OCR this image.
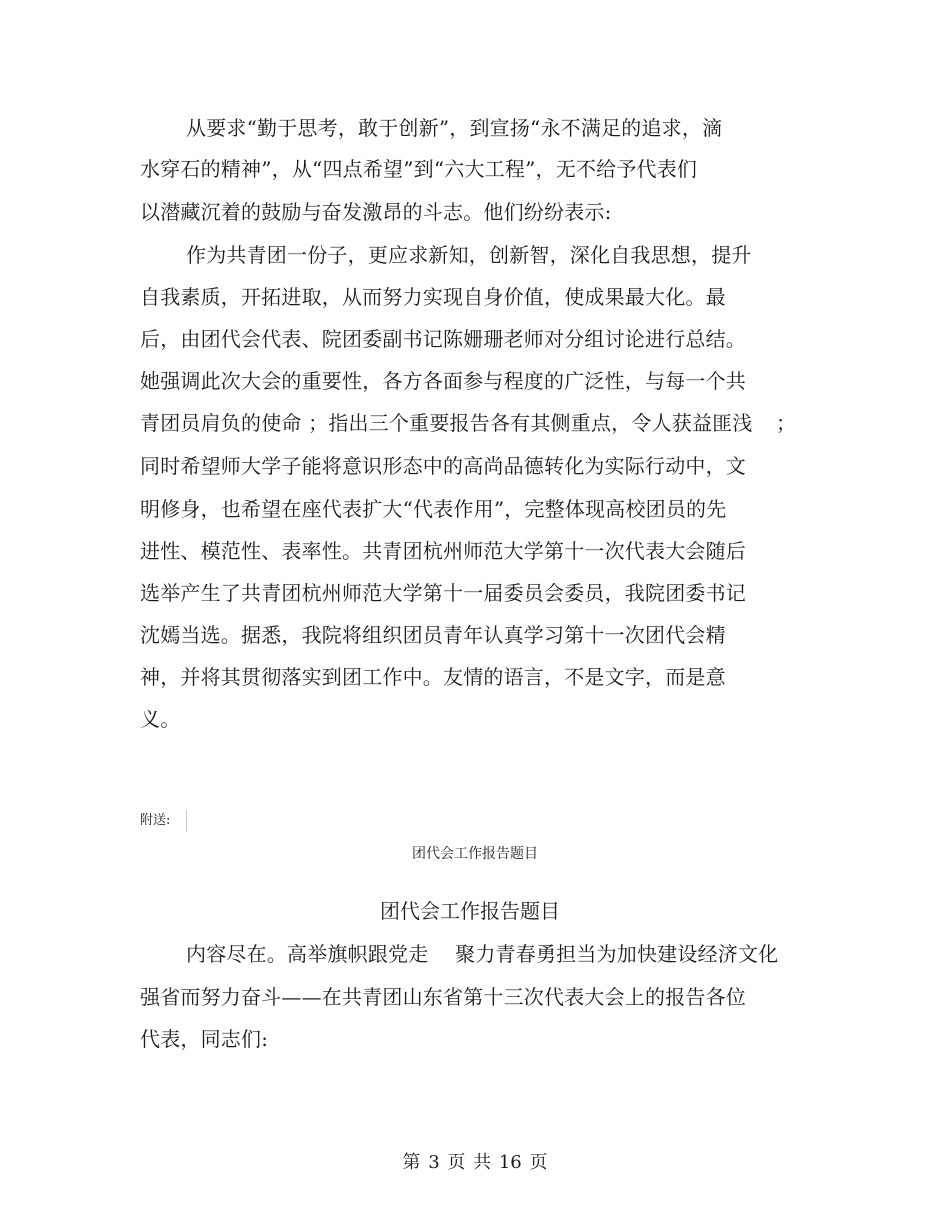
从要求“勤于思考，敢于创新”，到宣扬“永不满足的追求，滴
水穿石的精神”，从“四点希望”到“六大工程”，无不给予代表们
以潜藏沉着的鼓励与奋发激昂的斗志。他们纷纷表示:
作为共青团一份子，更应求新知，创新智，深化自我思想，提升
自我素质，开拓进取，从而努力实现自身价值，使成果最大化。最
后，由团代会代表、院团委副书记陈姗珊老师对分组讨论进行总结。
她强调此次大会的重要性，各方各面参与程度的广泛性，与每一个共
青团员肩负的使命 ；指出三个重要报告各有其侧重点，令人获益匪浅 ；
同时希望师大学子能将意识形态中的高尚品德转化为实际行动中，文
明修身，也希望在座代表扩大“代表作用”，完整体现高校团员的先
进性、模范性、表率性。共青团杭州师范大学第十一次代表大会随后
选举产生了共青团杭州师范大学第十一届委员会委员，我院团委书记
沈嫣当选。据悉，我院将组织团员青年认真学习第十一次团代会精
神，并将其贯彻落实到团工作中。友情的语言，不是文字，而是意
义。
附送:
团代会工作报告题目
团代会工作报告题目
内容尽在。高举旗帜跟党走　 聚力青春勇担当为加快建设经济文化
强省而努力奋斗——在共青团山东省第十三次代表大会上的报告各位
代表，同志们:
第 3 页 共 16 页
